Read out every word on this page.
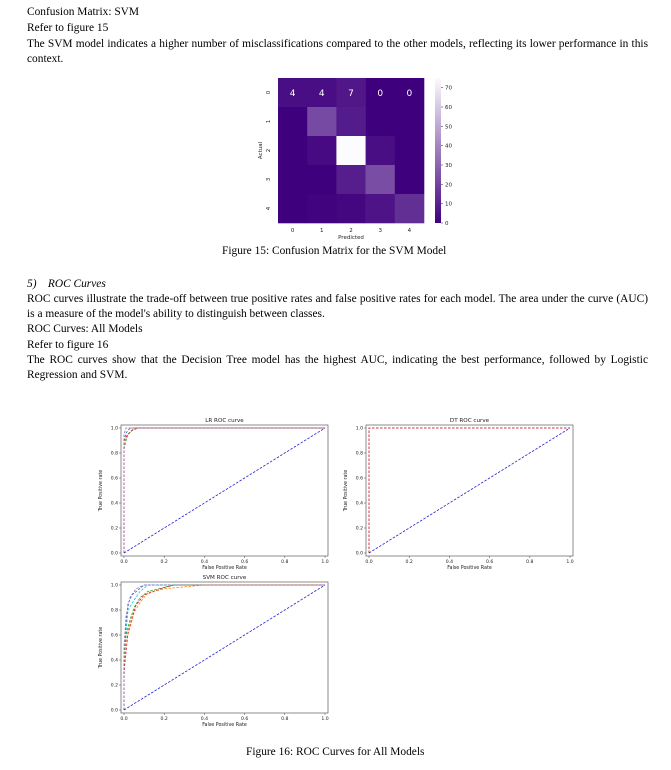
Confusion Matrix: SVM
Refer to figure 15
The SVM model indicates a higher number of misclassifications compared to the other models, reflecting its lower performance in this context.
Figure 15: Confusion Matrix for the SVM Model
5) ROC Curves
ROC curves illustrate the trade-off between true positive rates and false positive rates for each model. The area under the curve (AUC) is a measure of the model's ability to distinguish between classes.
ROC Curves: All Models
Refer to figure 16
The ROC curves show that the Decision Tree model has the highest AUC, indicating the best performance, followed by Logistic Regression and SVM.
Figure 16: ROC Curves for All Models
4	4	7	0	0
0	1	2	3	4
0
1
2
3
4
Predicted
Actual
70
60
50
40
30
20
10
0
0.0	0.2	0.4	0.6	0.8	1.0
0.0
0.2
0.4
0.6
0.8
1.0
LR ROC curve
False Positive Rate
True Positive rate
0.0	0.2	0.4	0.6	0.8	1.0
0.0
0.2
0.4
0.6
0.8
1.0
DT ROC curve
False Positive Rate
True Positive rate
0.0	0.2	0.4	0.6	0.8	1.0
0.0
0.2
0.4
0.6
0.8
1.0
SVM ROC curve
False Positive Rate
True Positive rate
